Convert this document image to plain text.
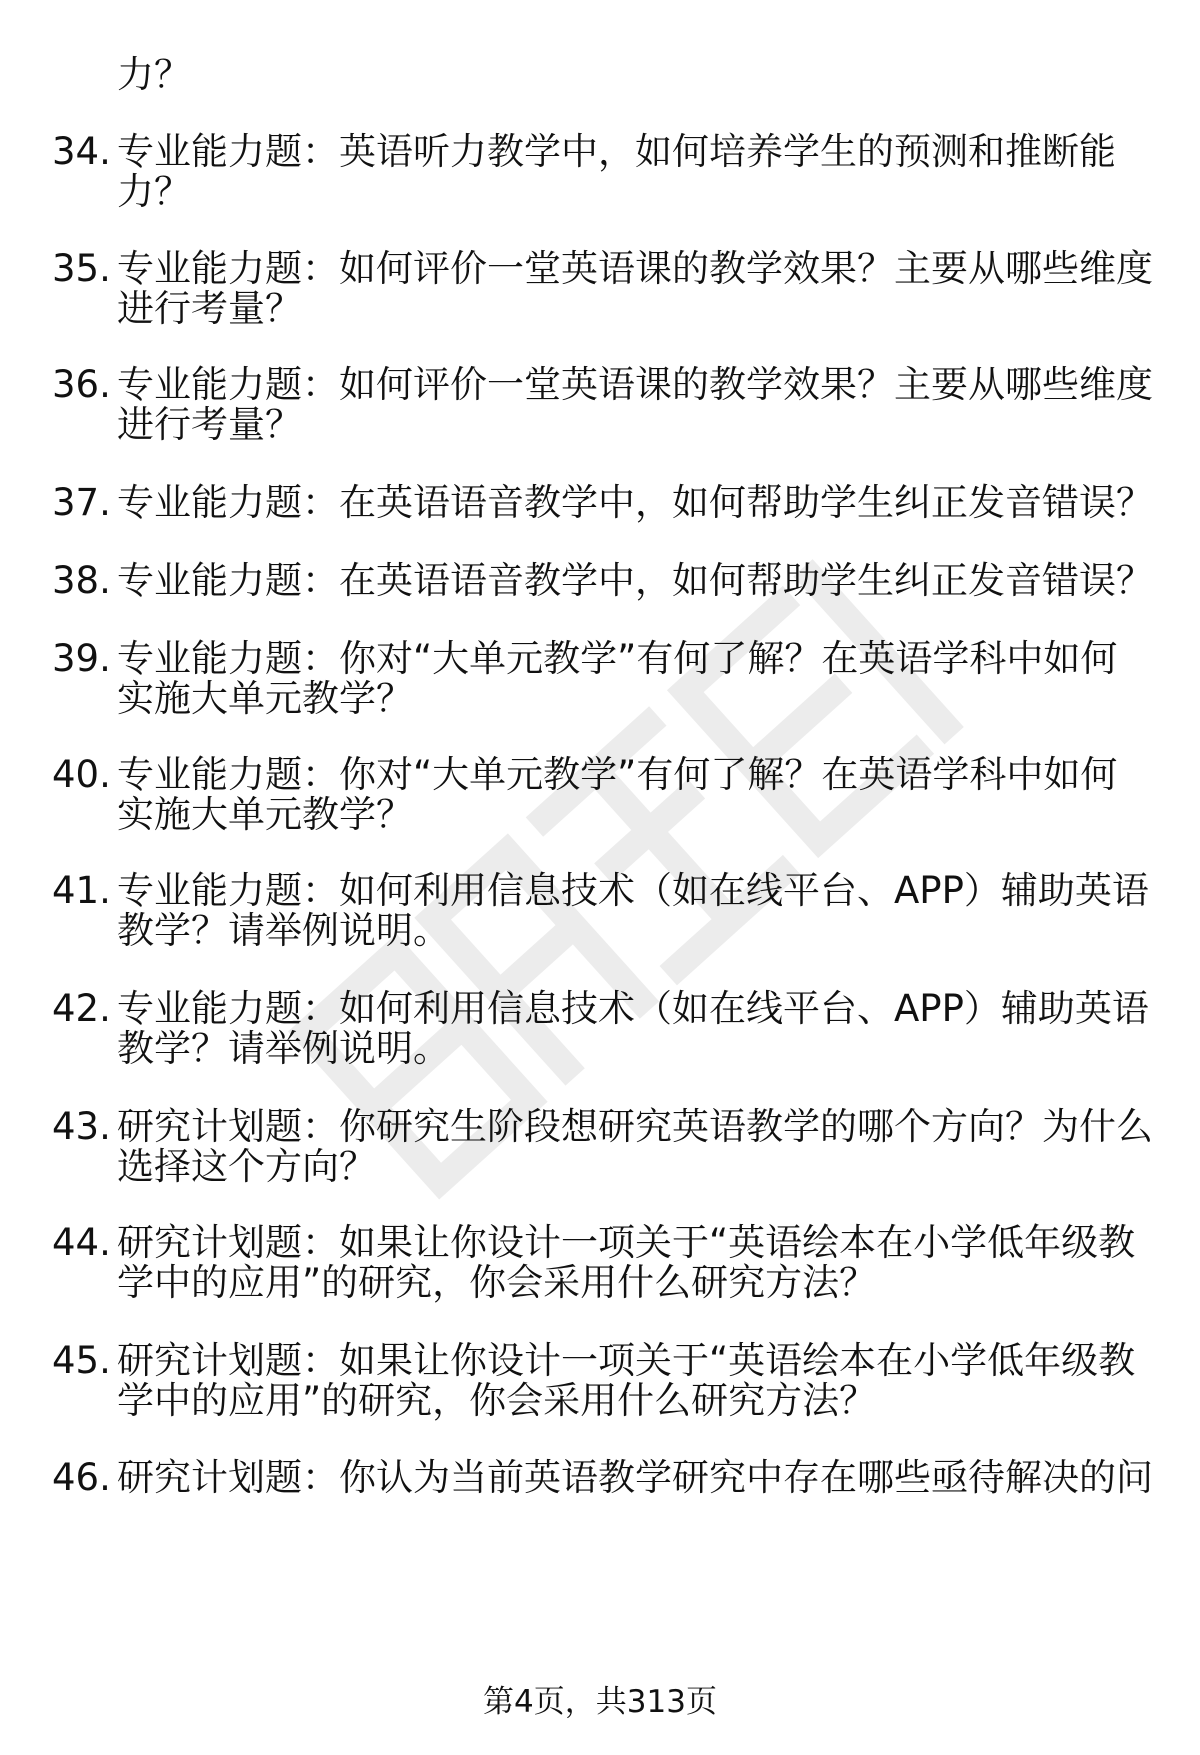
力？
34. 专业能力题：英语听力教学中，如何培养学生的预测和推断能
力？
35. 专业能力题：如何评价一堂英语课的教学效果？主要从哪些维度
进行考量？
36. 专业能力题：如何评价一堂英语课的教学效果？主要从哪些维度
进行考量？
37. 专业能力题：在英语语音教学中，如何帮助学生纠正发音错误？
38. 专业能力题：在英语语音教学中，如何帮助学生纠正发音错误？
39. 专业能力题：你对“大单元教学”有何了解？在英语学科中如何
实施大单元教学？
40. 专业能力题：你对“大单元教学”有何了解？在英语学科中如何
实施大单元教学？
41. 专业能力题：如何利用信息技术（如在线平台、APP）辅助英语
教学？请举例说明。
42. 专业能力题：如何利用信息技术（如在线平台、APP）辅助英语
教学？请举例说明。
43. 研究计划题：你研究生阶段想研究英语教学的哪个方向？为什么
选择这个方向？
44. 研究计划题：如果让你设计一项关于“英语绘本在小学低年级教
学中的应用”的研究，你会采用什么研究方法？
45. 研究计划题：如果让你设计一项关于“英语绘本在小学低年级教
学中的应用”的研究，你会采用什么研究方法？
46. 研究计划题：你认为当前英语教学研究中存在哪些亟待解决的问
第4页，共313页
